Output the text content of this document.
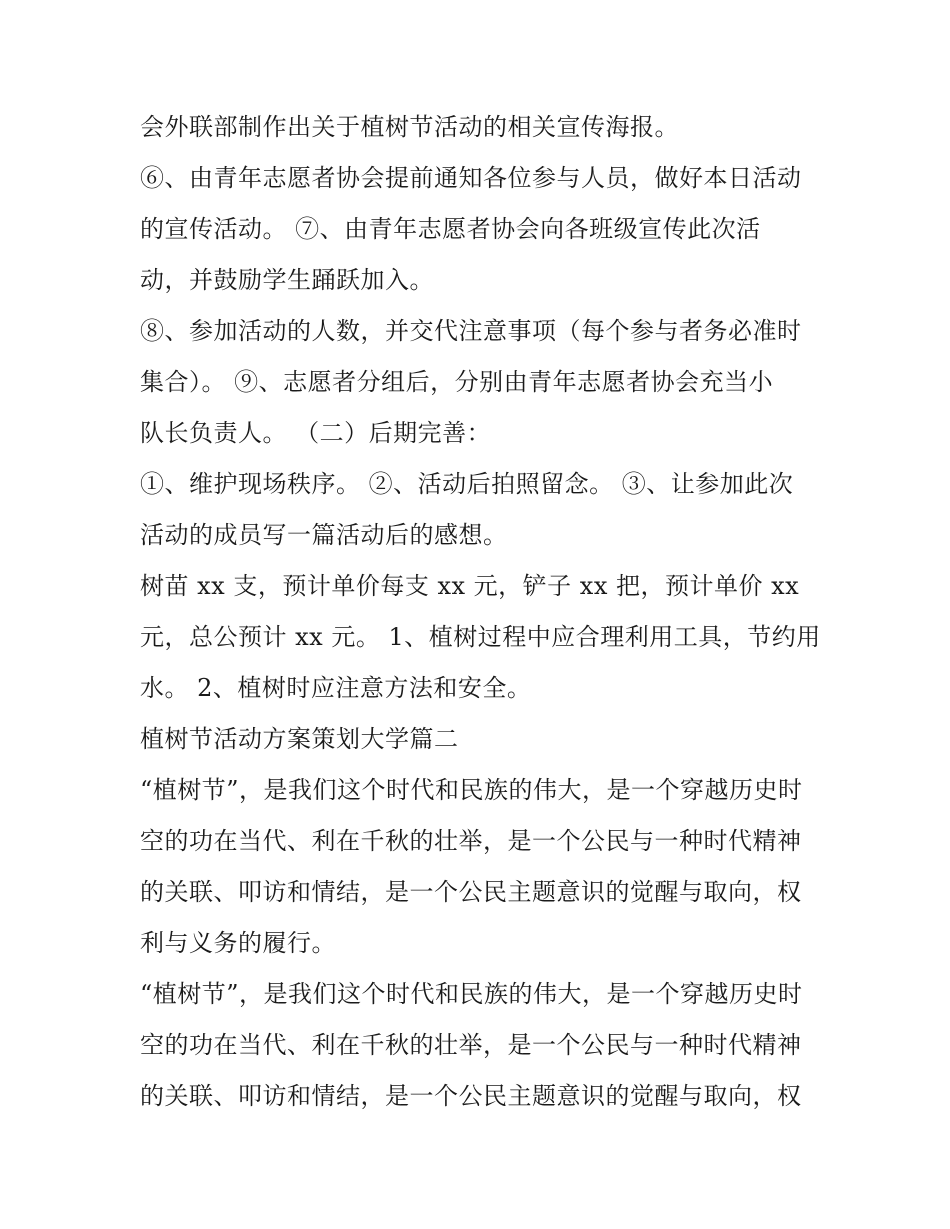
会外联部制作出关于植树节活动的相关宣传海报。
⑥、由青年志愿者协会提前通知各位参与人员，做好本日活动
的宣传活动。 ⑦、由青年志愿者协会向各班级宣传此次活
动，并鼓励学生踊跃加入。
⑧、参加活动的人数，并交代注意事项（每个参与者务必准时
集合）。 ⑨、志愿者分组后，分别由青年志愿者协会充当小
队长负责人。 （二）后期完善：
①、维护现场秩序。 ②、活动后拍照留念。 ③、让参加此次
活动的成员写一篇活动后的感想。
树苗 xx 支，预计单价每支 xx 元，铲子 xx 把，预计单价 xx
元，总公预计 xx 元。 1、植树过程中应合理利用工具，节约用
水。 2、植树时应注意方法和安全。
植树节活动方案策划大学篇二
“植树节”，是我们这个时代和民族的伟大，是一个穿越历史时
空的功在当代、利在千秋的壮举，是一个公民与一种时代精神
的关联、叩访和情结，是一个公民主题意识的觉醒与取向，权
利与义务的履行。
“植树节”，是我们这个时代和民族的伟大，是一个穿越历史时
空的功在当代、利在千秋的壮举，是一个公民与一种时代精神
的关联、叩访和情结，是一个公民主题意识的觉醒与取向，权
